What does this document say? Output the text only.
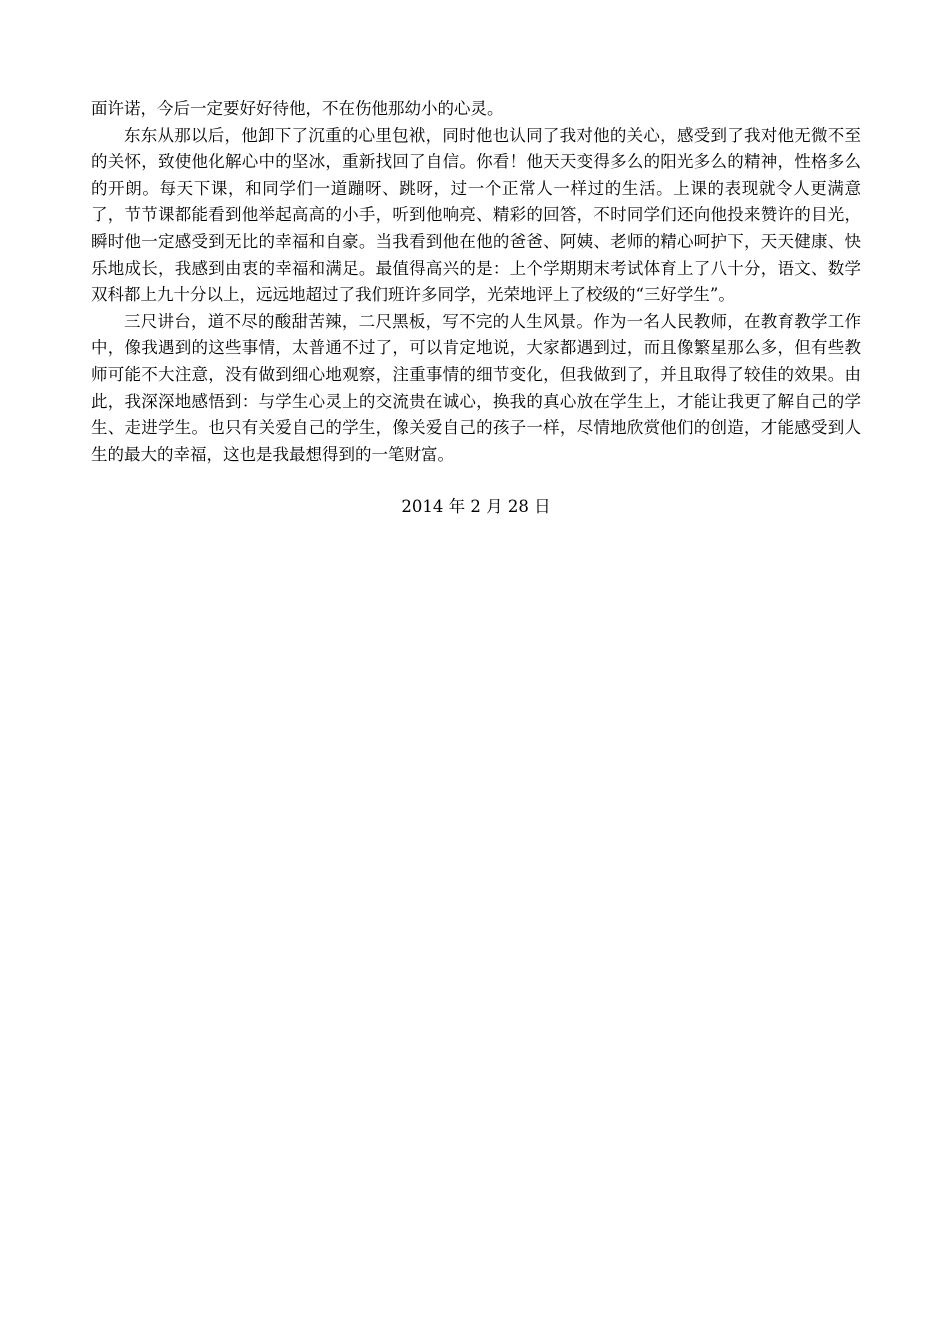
面许诺，今后一定要好好待他，不在伤他那幼小的心灵。

东东从那以后，他卸下了沉重的心里包袱，同时他也认同了我对他的关心，感受到了我对他无微不至的关怀，致使他化解心中的坚冰，重新找回了自信。你看！他天天变得多么的阳光多么的精神，性格多么的开朗。每天下课，和同学们一道蹦呀、跳呀，过一个正常人一样过的生活。上课的表现就令人更满意了，节节课都能看到他举起高高的小手，听到他响亮、精彩的回答，不时同学们还向他投来赞许的目光，瞬时他一定感受到无比的幸福和自豪。当我看到他在他的爸爸、阿姨、老师的精心呵护下，天天健康、快乐地成长，我感到由衷的幸福和满足。最值得高兴的是：上个学期期末考试体育上了八十分，语文、数学双科都上九十分以上，远远地超过了我们班许多同学，光荣地评上了校级的“三好学生”。

三尺讲台，道不尽的酸甜苦辣，二尺黑板，写不完的人生风景。作为一名人民教师，在教育教学工作中，像我遇到的这些事情，太普通不过了，可以肯定地说，大家都遇到过，而且像繁星那么多，但有些教师可能不大注意，没有做到细心地观察，注重事情的细节变化，但我做到了，并且取得了较佳的效果。由此，我深深地感悟到：与学生心灵上的交流贵在诚心，换我的真心放在学生上，才能让我更了解自己的学生、走进学生。也只有关爱自己的学生，像关爱自己的孩子一样，尽情地欣赏他们的创造，才能感受到人生的最大的幸福，这也是我最想得到的一笔财富。

2014 年 2 月 28 日
